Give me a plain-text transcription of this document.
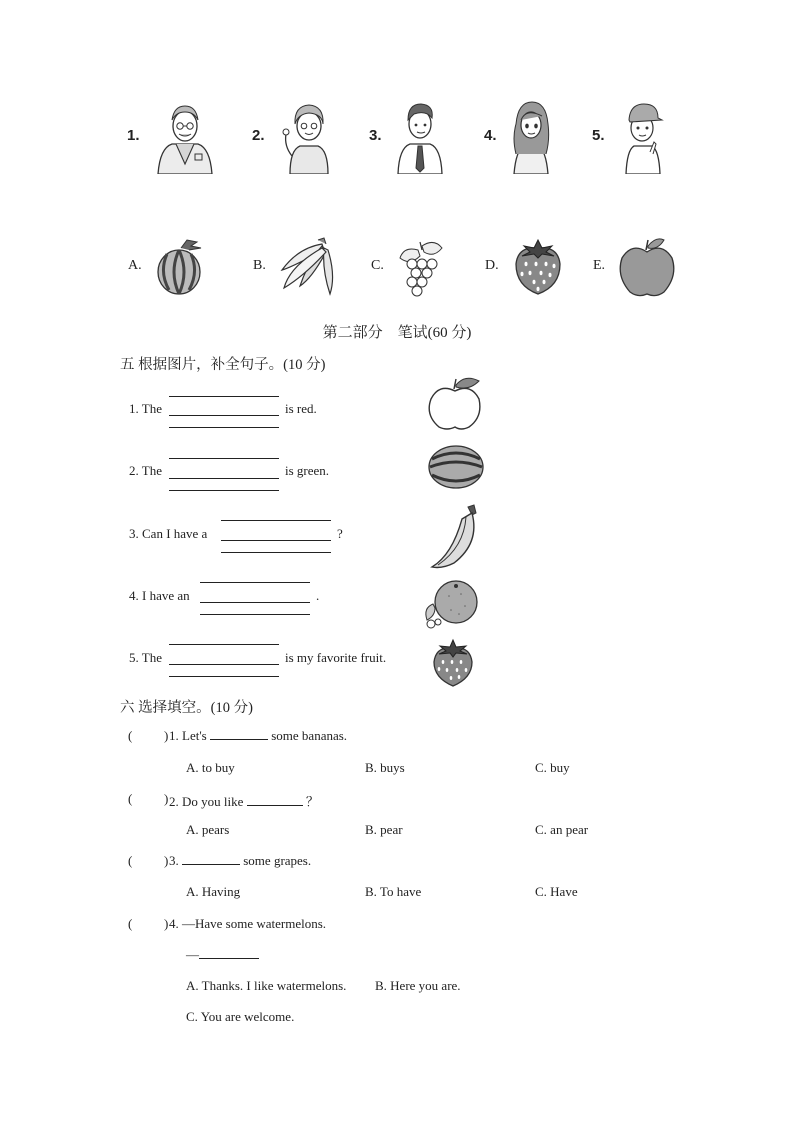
1.	2.	3.	4.	5.
A.	B.	C.	D.	E.
第二部分　笔试(60 分)
五 根据图片，补全句子。(10 分)
1. The	is red.
2. The	is green.
3. Can I have a	?
4. I have an	.
5. The	is my favorite fruit.
六 选择填空。(10 分)
( ) 1. Let's	some bananas.
A. to buy	B. buys	C. buy
( ) 2. Do you like	？
A. pears	B. pear	C. an pear
( ) 3.	some grapes.
A. Having	B. To have	C. Have
( ) 4. —Have some watermelons.
—
A. Thanks. I like watermelons. B. Here you are.
C. You are welcome.
